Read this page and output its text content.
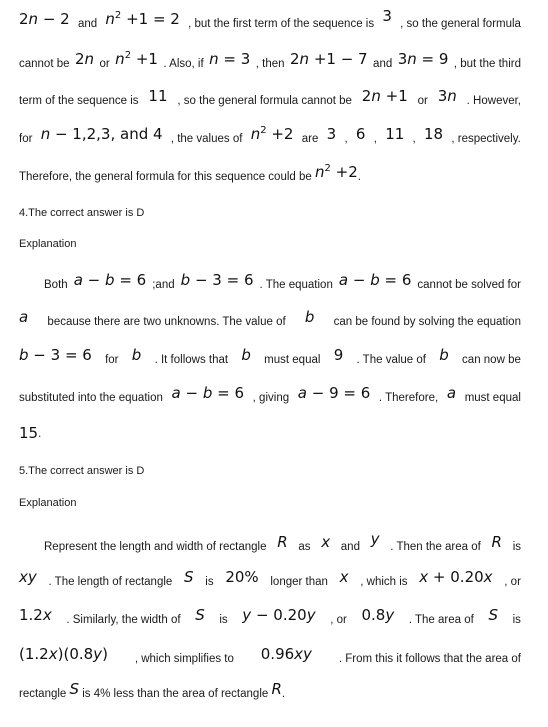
2n − 2 and $n^2 +1 = 2$ , but the first term of the sequence is 3 , so the general formula
cannot be 2n or $n^2 +1$ . Also, if n = 3 , then 2n +1 − 7 and 3n = 9 , but the third
term of the sequence is 11 , so the general formula cannot be 2n +1 or 3n . However,
for n − 1,2,3, and 4 , the values of $n^2 +2$ are 3 , 6 , 11 , 18 , respectively.
Therefore, the general formula for this sequence could be $n^2 +2$.
4.The correct answer is D
Explanation
Both a − b = 6 ;and b − 3 = 6 . The equation a − b = 6 cannot be solved for
a because there are two unknowns. The value of b can be found by solving the equation
b − 3 = 6 for b . It follows that b must equal 9 . The value of b can now be
substituted into the equation a − b = 6 , giving a − 9 = 6 . Therefore, a must equal
15.
5.The correct answer is D
Explanation
Represent the length and width of rectangle R as x and y . Then the area of R is
xy . The length of rectangle S is 20% longer than x , which is x + 0.20x , or
1.2x . Similarly, the width of S is y − 0.20y , or 0.8y . The area of S is
(1.2x)(0.8y) , which simplifies to 0.96xy . From this it follows that the area of
rectangle S is 4% less than the area of rectangle R.
